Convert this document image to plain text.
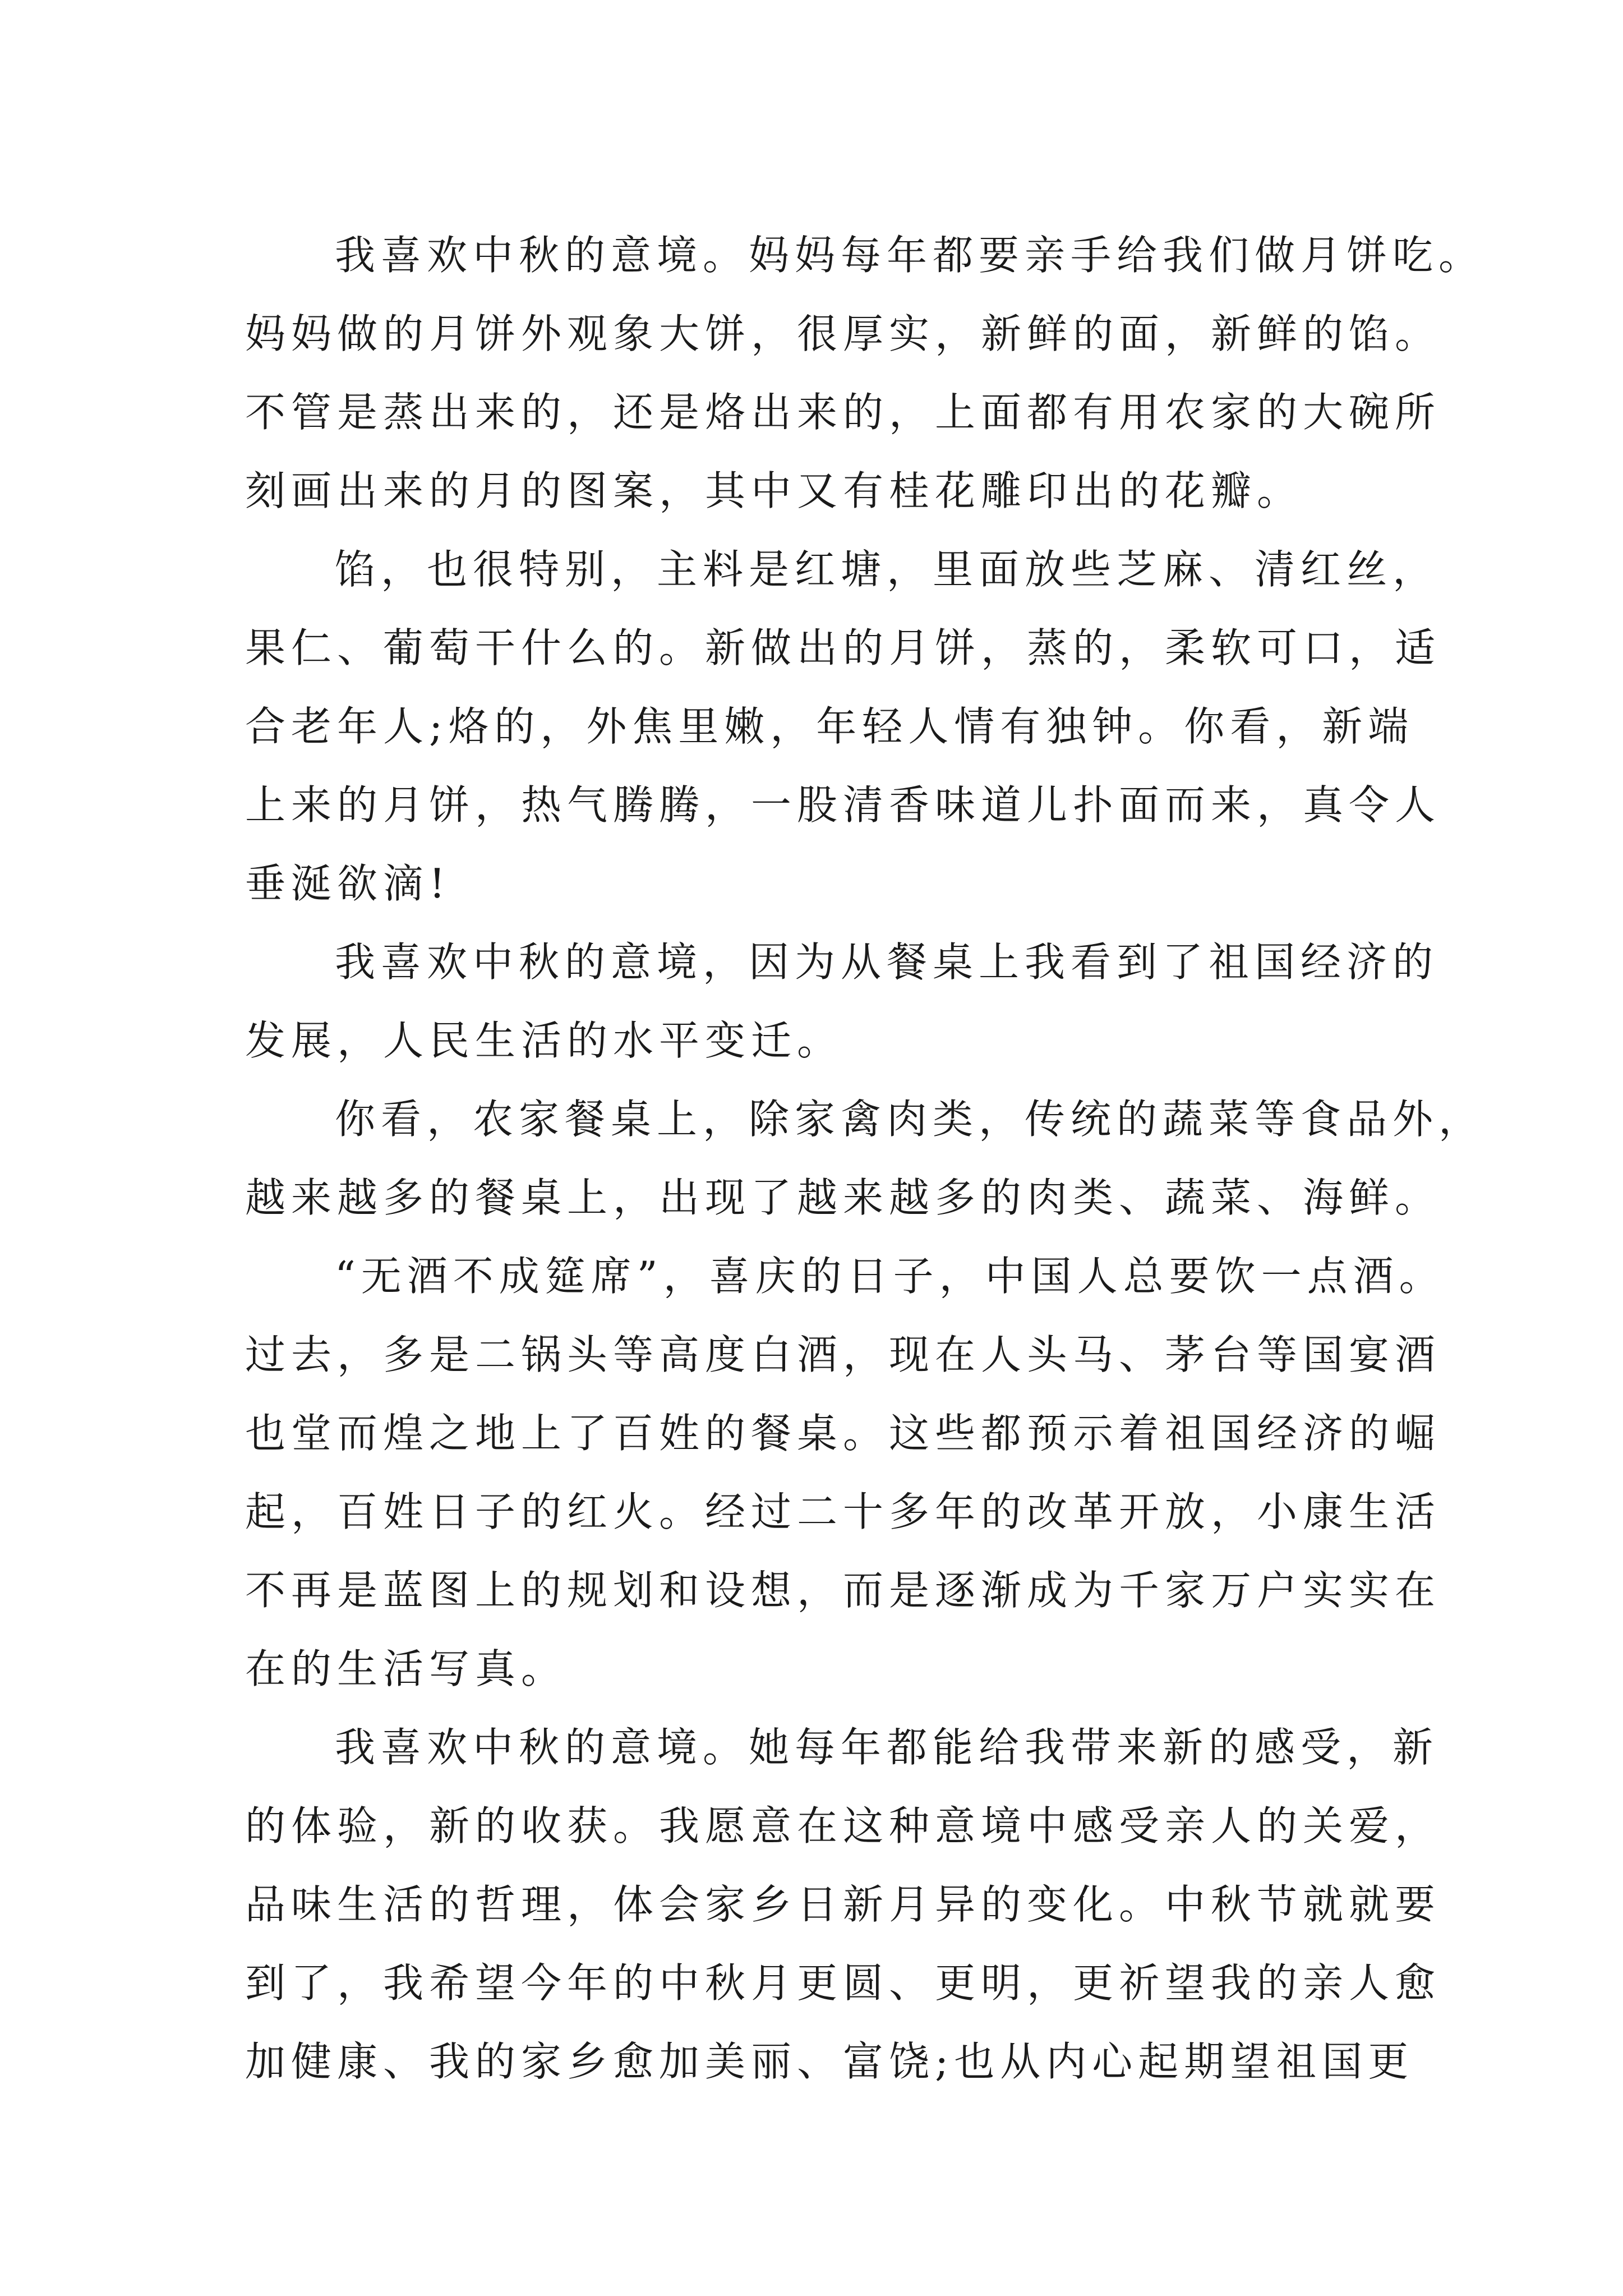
我喜欢中秋的意境。妈妈每年都要亲手给我们做月饼吃。
妈妈做的月饼外观象大饼，很厚实，新鲜的面，新鲜的馅。
不管是蒸出来的，还是烙出来的，上面都有用农家的大碗所
刻画出来的月的图案，其中又有桂花雕印出的花瓣。
馅，也很特别，主料是红塘，里面放些芝麻、清红丝，
果仁、葡萄干什么的。新做出的月饼，蒸的，柔软可口，适
合老年人;烙的，外焦里嫩，年轻人情有独钟。你看，新端
上来的月饼，热气腾腾，一股清香味道儿扑面而来，真令人
垂涎欲滴!
我喜欢中秋的意境，因为从餐桌上我看到了祖国经济的
发展，人民生活的水平变迁。
你看，农家餐桌上，除家禽肉类，传统的蔬菜等食品外，
越来越多的餐桌上，出现了越来越多的肉类、蔬菜、海鲜。
“无酒不成筵席”，喜庆的日子，中国人总要饮一点酒。
过去，多是二锅头等高度白酒，现在人头马、茅台等国宴酒
也堂而煌之地上了百姓的餐桌。这些都预示着祖国经济的崛
起，百姓日子的红火。经过二十多年的改革开放，小康生活
不再是蓝图上的规划和设想，而是逐渐成为千家万户实实在
在的生活写真。
我喜欢中秋的意境。她每年都能给我带来新的感受，新
的体验，新的收获。我愿意在这种意境中感受亲人的关爱，
品味生活的哲理，体会家乡日新月异的变化。中秋节就就要
到了，我希望今年的中秋月更圆、更明，更祈望我的亲人愈
加健康、我的家乡愈加美丽、富饶;也从内心起期望祖国更
